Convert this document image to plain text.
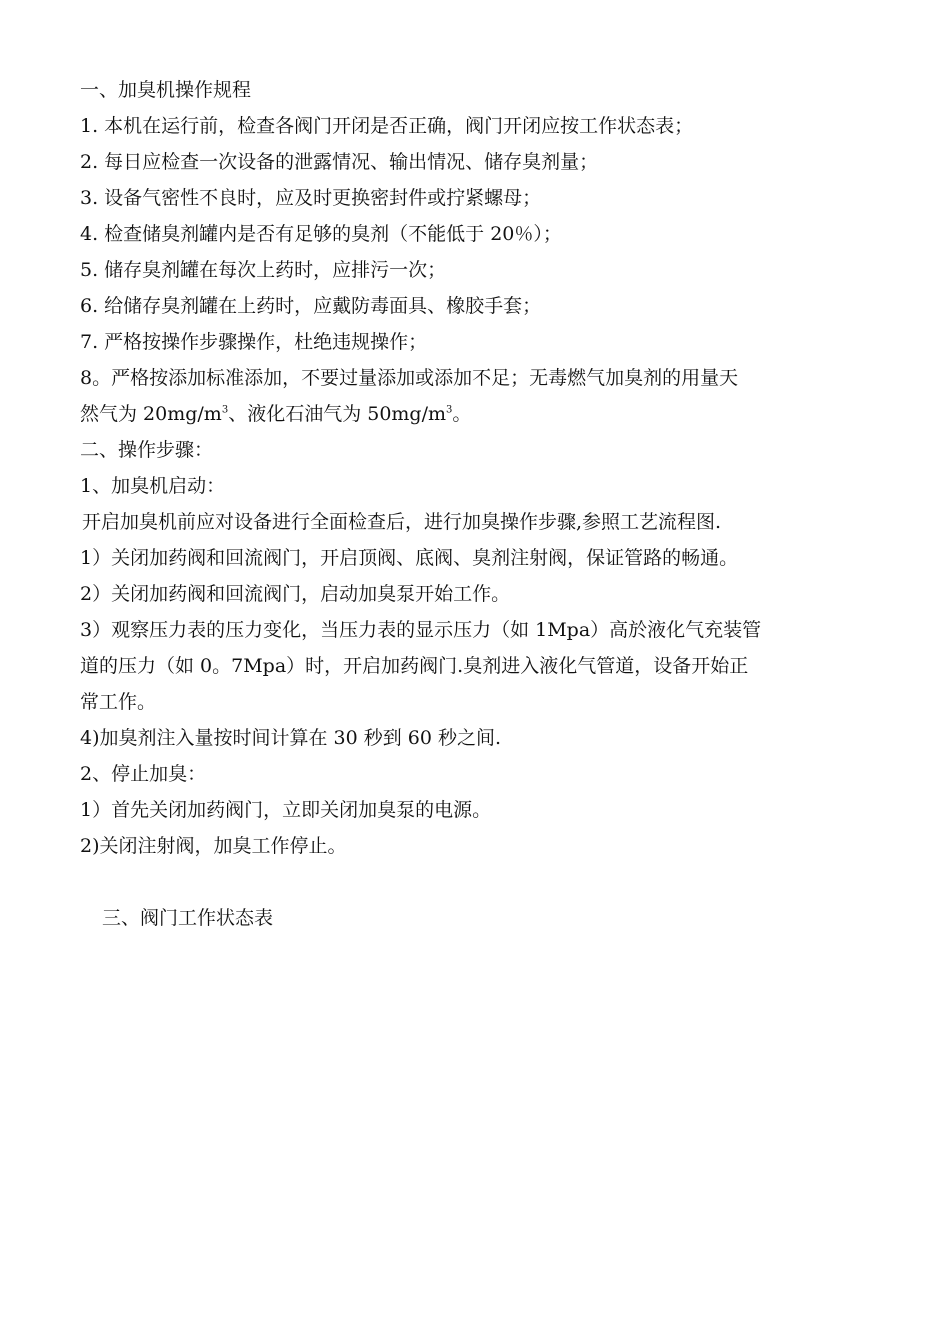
一、加臭机操作规程

1. 本机在运行前，检查各阀门开闭是否正确，阀门开闭应按工作状态表；

2. 每日应检查一次设备的泄露情况、输出情况、储存臭剂量；

3. 设备气密性不良时，应及时更换密封件或拧紧螺母；

4. 检查储臭剂罐内是否有足够的臭剂（不能低于 20％）；

5. 储存臭剂罐在每次上药时，应排污一次；

6. 给储存臭剂罐在上药时，应戴防毒面具、橡胶手套；

7. 严格按操作步骤操作，杜绝违规操作；

8。严格按添加标准添加，不要过量添加或添加不足；无毒燃气加臭剂的用量天

然气为 $20mg/m^3$、液化石油气为 $50mg/m^3$。

二、操作步骤：

1、加臭机启动：

开启加臭机前应对设备进行全面检查后，进行加臭操作步骤,参照工艺流程图.

1）关闭加药阀和回流阀门，开启顶阀、底阀、臭剂注射阀，保证管路的畅通。

2）关闭加药阀和回流阀门，启动加臭泵开始工作。

3）观察压力表的压力变化，当压力表的显示压力（如 1Mpa）高於液化气充装管

道的压力（如 0。7Mpa）时，开启加药阀门.臭剂进入液化气管道，设备开始正

常工作。

4)加臭剂注入量按时间计算在 30 秒到 60 秒之间.

2、停止加臭：

1）首先关闭加药阀门，立即关闭加臭泵的电源。

2)关闭注射阀，加臭工作停止。

三、阀门工作状态表
